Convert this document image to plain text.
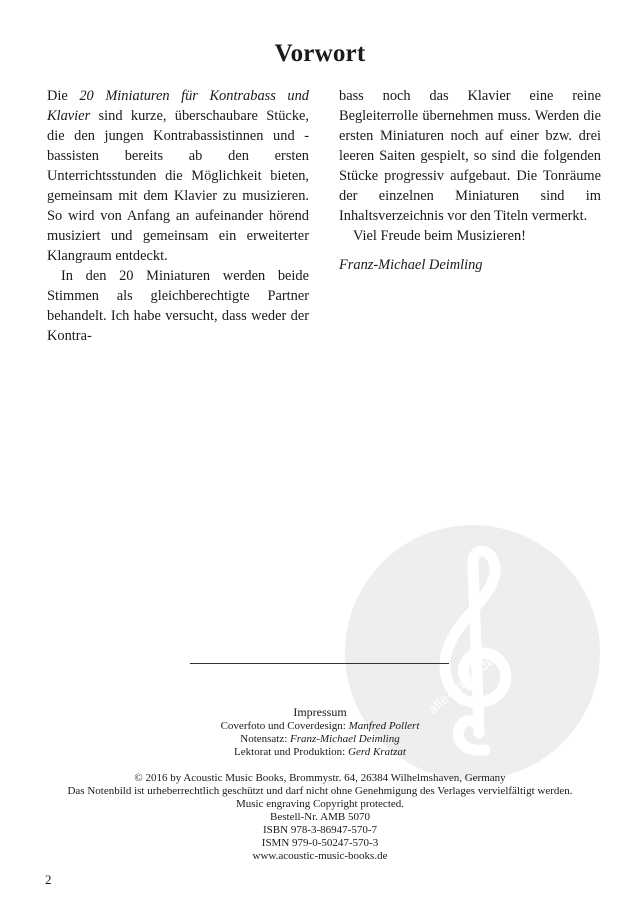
Vorwort

Die 20 Miniaturen für Kontrabass und Klavier sind kurze, überschaubare Stücke, die den jungen Kontrabassistinnen und -bassisten bereits ab den ersten Unterrichtsstunden die Möglichkeit bieten, gemeinsam mit dem Klavier zu musizieren. So wird von Anfang an aufeinander hörend musiziert und gemeinsam ein erweiterter Klangraum entdeckt.

In den 20 Miniaturen werden beide Stimmen als gleichberechtigte Partner behandelt. Ich habe versucht, dass weder der Kontra-

bass noch das Klavier eine reine Begleiterrolle übernehmen muss. Werden die ersten Miniaturen noch auf einer bzw. drei leeren Saiten gespielt, so sind die folgenden Stücke progressiv aufgebaut. Die Tonräume der einzelnen Miniaturen sind im Inhaltsverzeichnis vor den Titeln vermerkt.

Viel Freude beim Musizieren!

Franz-Michael Deimling

alle-noten.de
Impressum
Coverfoto und Coverdesign: Manfred Pollert
Notensatz: Franz-Michael Deimling
Lektorat und Produktion: Gerd Kratzat
© 2016 by Acoustic Music Books, Brommystr. 64, 26384 Wilhelmshaven, Germany
Das Notenbild ist urheberrechtlich geschützt und darf nicht ohne Genehmigung des Verlages vervielfältigt werden.
Music engraving Copyright protected.
Bestell-Nr. AMB 5070
ISBN 978-3-86947-570-7
ISMN 979-0-50247-570-3
www.acoustic-music-books.de
2
